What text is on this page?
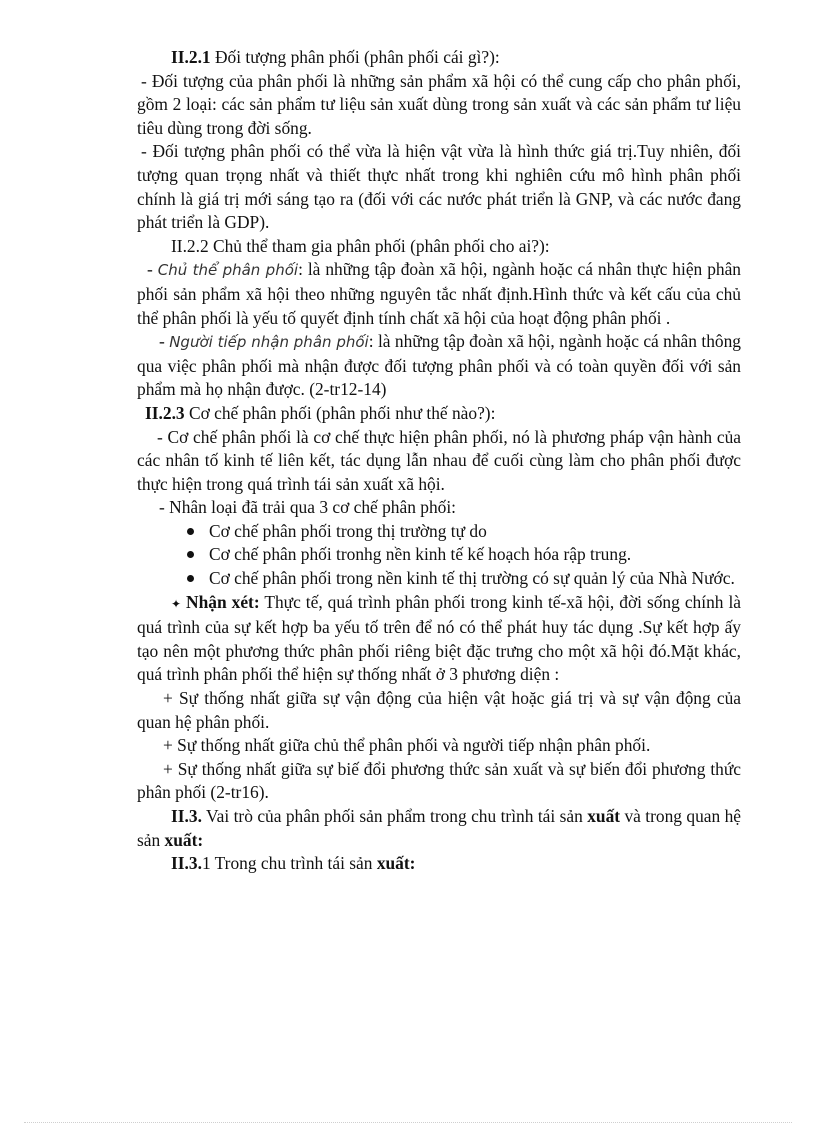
II.2.1 Đối tượng phân phối (phân phối cái gì?):

- Đối tượng của phân phối là những sản phẩm xã hội có thể cung cấp cho phân phối, gồm 2 loại: các sản phẩm tư liệu sản xuất dùng trong sản xuất và các sản phẩm tư liệu tiêu dùng trong đời sống.

- Đối tượng phân phối có thể vừa là hiện vật vừa là hình thức giá trị.Tuy nhiên, đối tượng quan trọng nhất và thiết thực nhất trong khi nghiên cứu mô hình phân phối chính là giá trị mới sáng tạo ra (đối với các nước phát triển là GNP, và các nước đang phát triển là GDP).

II.2.2 Chủ thể tham gia phân phối (phân phối cho ai?):

- Chủ thể phân phối: là những tập đoàn xã hội, ngành hoặc cá nhân thực hiện phân phối sản phẩm xã hội theo những nguyên tắc nhất định.Hình thức và kết cấu của chủ thể phân phối là yếu tố quyết định tính chất xã hội của hoạt động phân phối .

- Người tiếp nhận phân phối: là những tập đoàn xã hội, ngành hoặc cá nhân thông qua việc phân phối mà nhận được đối tượng phân phối và có toàn quyền đối với sản phẩm mà họ nhận được. (2-tr12-14)

II.2.3 Cơ chế phân phối (phân phối như thế nào?):

- Cơ chế phân phối là cơ chế thực hiện phân phối, nó là phương pháp vận hành của các nhân tố kinh tế liên kết, tác dụng lẫn nhau để cuối cùng làm cho phân phối được thực hiện trong quá trình tái sản xuất xã hội.

- Nhân loại đã trải qua 3 cơ chế phân phối:

Cơ chế phân phối trong thị trường tự do
Cơ chế phân phối tronhg nền kinh tế kế hoạch hóa rập trung.
Cơ chế phân phối trong nền kinh tế thị trường có sự quản lý của Nhà Nước.

✦ Nhận xét: Thực tế, quá trình phân phối trong kinh tế-xã hội, đời sống chính là quá trình của sự kết hợp ba yếu tố trên để nó có thể phát huy tác dụng .Sự kết hợp ấy tạo nên một phương thức phân phối riêng biệt đặc trưng cho một xã hội đó.Mặt khác, quá trình phân phối thể hiện sự thống nhất ở 3 phương diện :

+ Sự thống nhất giữa sự vận động của hiện vật hoặc giá trị và sự vận động của quan hệ phân phối.

+ Sự thống nhất giữa chủ thể phân phối và người tiếp nhận phân phối.

+ Sự thống nhất giữa sự biế đổi phương thức sản xuất và sự biến đổi phương thức phân phối (2-tr16).

II.3. Vai trò của phân phối sản phẩm trong chu trình tái sản xuất và trong quan hệ sản xuất:

II.3.1 Trong chu trình tái sản xuất:
